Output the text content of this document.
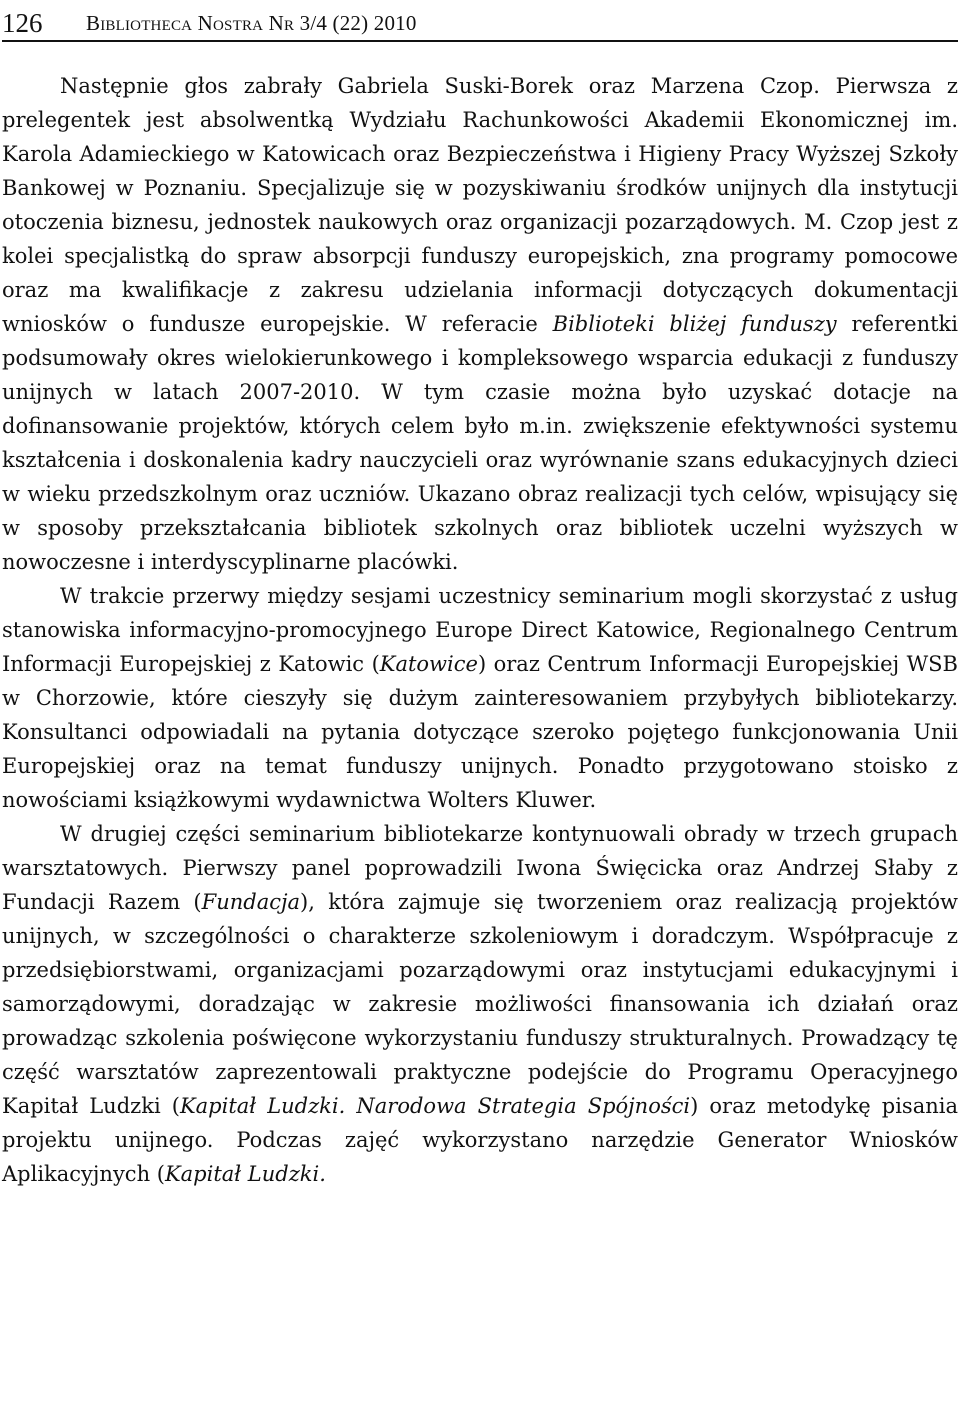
126	Bibliotheca Nostra Nr 3/4 (22) 2010

Następnie głos zabrały Gabriela Suski-Borek oraz Marzena Czop. Pierwsza z prelegentek jest absolwentką Wydziału Rachunkowości Akademii Ekonomicznej im. Karola Adamieckiego w Katowicach oraz Bezpieczeństwa i Higieny Pracy Wyższej Szkoły Bankowej w Poznaniu. Specjalizuje się w pozyskiwaniu środków unijnych dla instytucji otoczenia biznesu, jednostek naukowych oraz organizacji pozarządowych. M. Czop jest z kolei specjalistką do spraw absorpcji funduszy europejskich, zna programy pomocowe oraz ma kwalifikacje z zakresu udzielania informacji dotyczących dokumentacji wniosków o fundusze europejskie. W referacie Biblioteki bliżej funduszy referentki podsumowały okres wielokierunkowego i kompleksowego wsparcia edukacji z funduszy unijnych w latach 2007-2010. W tym czasie można było uzyskać dotacje na dofinansowanie projektów, których celem było m.in. zwiększenie efektywności systemu kształcenia i doskonalenia kadry nauczycieli oraz wyrównanie szans edukacyjnych dzieci w wieku przedszkolnym oraz uczniów. Ukazano obraz realizacji tych celów, wpisujący się w sposoby przekształcania bibliotek szkolnych oraz bibliotek uczelni wyższych w nowoczesne i interdyscyplinarne placówki.

W trakcie przerwy między sesjami uczestnicy seminarium mogli skorzystać z usług stanowiska informacyjno-promocyjnego Europe Direct Katowice, Regionalnego Centrum Informacji Europejskiej z Katowic (Katowice) oraz Centrum Informacji Europejskiej WSB w Chorzowie, które cieszyły się dużym zainteresowaniem przybyłych bibliotekarzy. Konsultanci odpowiadali na pytania dotyczące szeroko pojętego funkcjonowania Unii Europejskiej oraz na temat funduszy unijnych. Ponadto przygotowano stoisko z nowościami książkowymi wydawnictwa Wolters Kluwer.

W drugiej części seminarium bibliotekarze kontynuowali obrady w trzech grupach warsztatowych. Pierwszy panel poprowadzili Iwona Święcicka oraz Andrzej Słaby z Fundacji Razem (Fundacja), która zajmuje się tworzeniem oraz realizacją projektów unijnych, w szczególności o charakterze szkoleniowym i doradczym. Współpracuje z przedsiębiorstwami, organizacjami pozarządowymi oraz instytucjami edukacyjnymi i samorządowymi, doradzając w zakresie możliwości finansowania ich działań oraz prowadząc szkolenia poświęcone wykorzystaniu funduszy strukturalnych. Prowadzący tę część warsztatów zaprezentowali praktyczne podejście do Programu Operacyjnego Kapitał Ludzki (Kapitał Ludzki. Narodowa Strategia Spójności) oraz metodykę pisania projektu unijnego. Podczas zajęć wykorzystano narzędzie Generator Wniosków Aplikacyjnych (Kapitał Ludzki.
